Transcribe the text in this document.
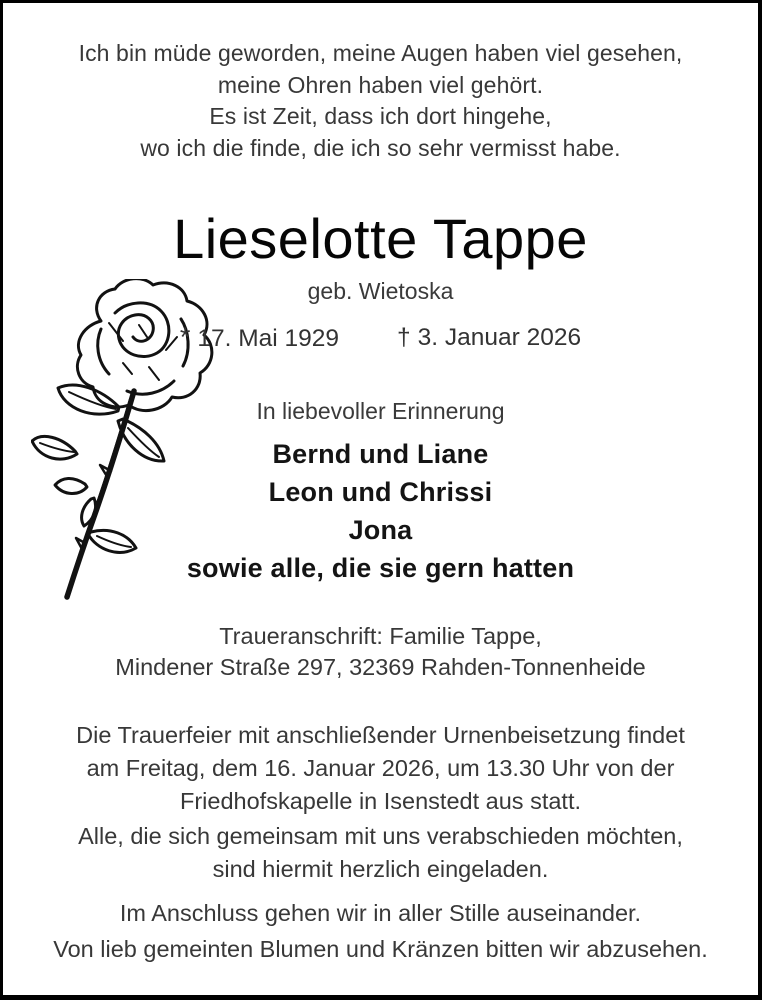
Ich bin müde geworden, meine Augen haben viel gesehen,
meine Ohren haben viel gehört.
Es ist Zeit, dass ich dort hingehe,
wo ich die finde, die ich so sehr vermisst habe.
Lieselotte Tappe
geb. Wietoska
* 17. Mai 1929 † 3. Januar 2026
In liebevoller Erinnerung
Bernd und Liane
Leon und Chrissi
Jona
sowie alle, die sie gern hatten
Traueranschrift: Familie Tappe,
Mindener Straße 297, 32369 Rahden-Tonnenheide
Die Trauerfeier mit anschließender Urnenbeisetzung findet
am Freitag, dem 16. Januar 2026, um 13.30 Uhr von der
Friedhofskapelle in Isenstedt aus statt.
Alle, die sich gemeinsam mit uns verabschieden möchten,
sind hiermit herzlich eingeladen.
Im Anschluss gehen wir in aller Stille auseinander.
Von lieb gemeinten Blumen und Kränzen bitten wir abzusehen.
